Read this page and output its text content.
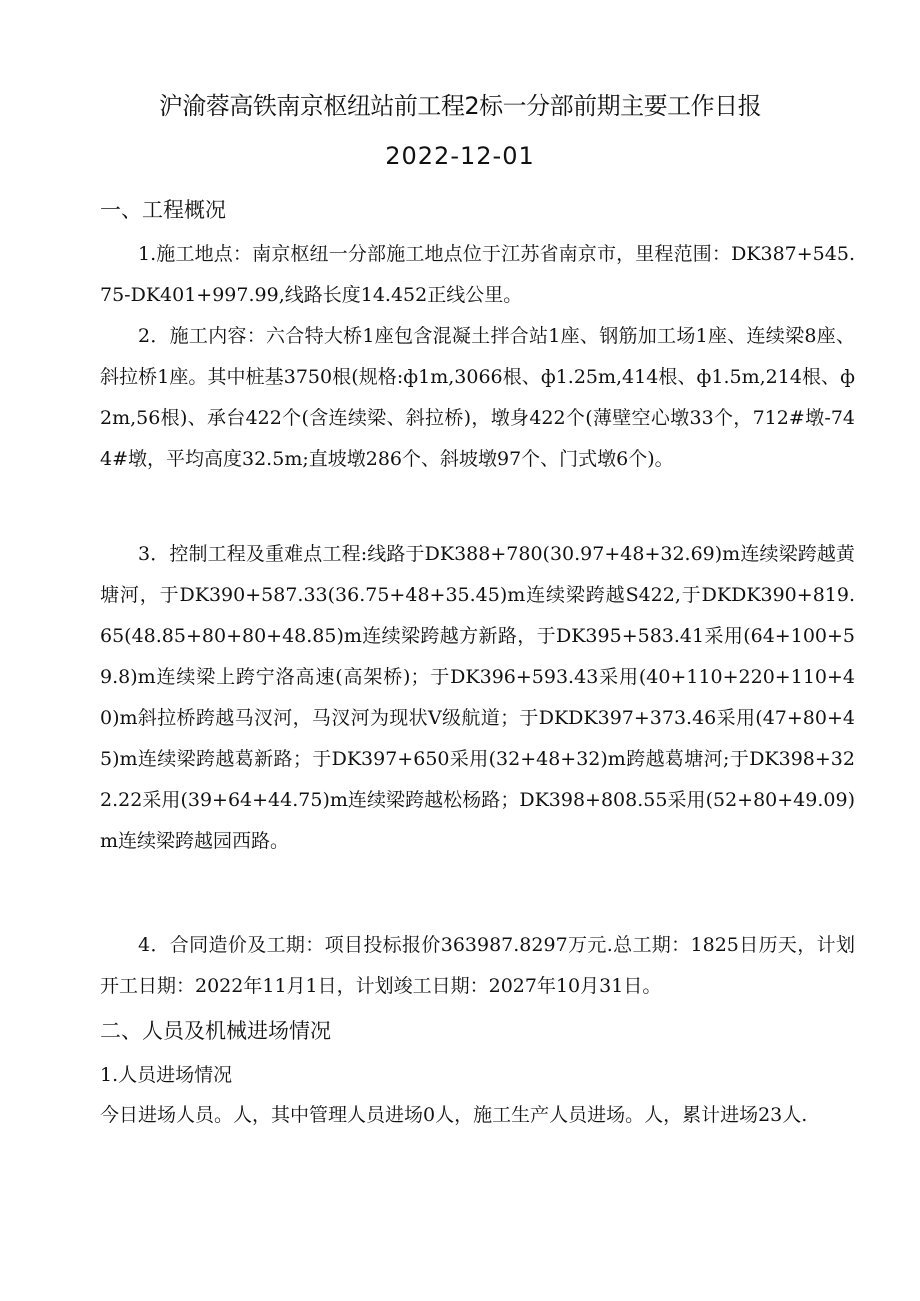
沪渝蓉高铁南京枢纽站前工程2标一分部前期主要工作日报
2022-12-01
一、工程概况
1.施工地点：南京枢纽一分部施工地点位于江苏省南京市，里程范围：DK387+545.75-DK401+997.99,线路长度14.452正线公里。
2．施工内容：六合特大桥1座包含混凝土拌合站1座、钢筋加工场1座、连续梁8座、斜拉桥1座。其中桩基3750根(规格:ф1m,3066根、ф1.25m,414根、ф1.5m,214根、ф2m,56根)、承台422个(含连续梁、斜拉桥)，墩身422个(薄壁空心墩33个，712#墩-744#墩，平均高度32.5m;直坡墩286个、斜坡墩97个、门式墩6个)。
3．控制工程及重难点工程:线路于DK388+780(30.97+48+32.69)m连续梁跨越黄塘河，于DK390+587.33(36.75+48+35.45)m连续梁跨越S422,于DKDK390+819.65(48.85+80+80+48.85)m连续梁跨越方新路，于DK395+583.41采用(64+100+59.8)m连续梁上跨宁洛高速(高架桥)；于DK396+593.43采用(40+110+220+110+40)m斜拉桥跨越马汊河，马汊河为现状V级航道；于DKDK397+373.46采用(47+80+45)m连续梁跨越葛新路；于DK397+650采用(32+48+32)m跨越葛塘河;于DK398+322.22采用(39+64+44.75)m连续梁跨越松杨路；DK398+808.55采用(52+80+49.09)m连续梁跨越园西路。
4．合同造价及工期：项目投标报价363987.8297万元.总工期：1825日历天，计划开工日期：2022年11月1日，计划竣工日期：2027年10月31日。
二、人员及机械进场情况
1.人员进场情况
今日进场人员。人，其中管理人员进场0人，施工生产人员进场。人，累计进场23人.
